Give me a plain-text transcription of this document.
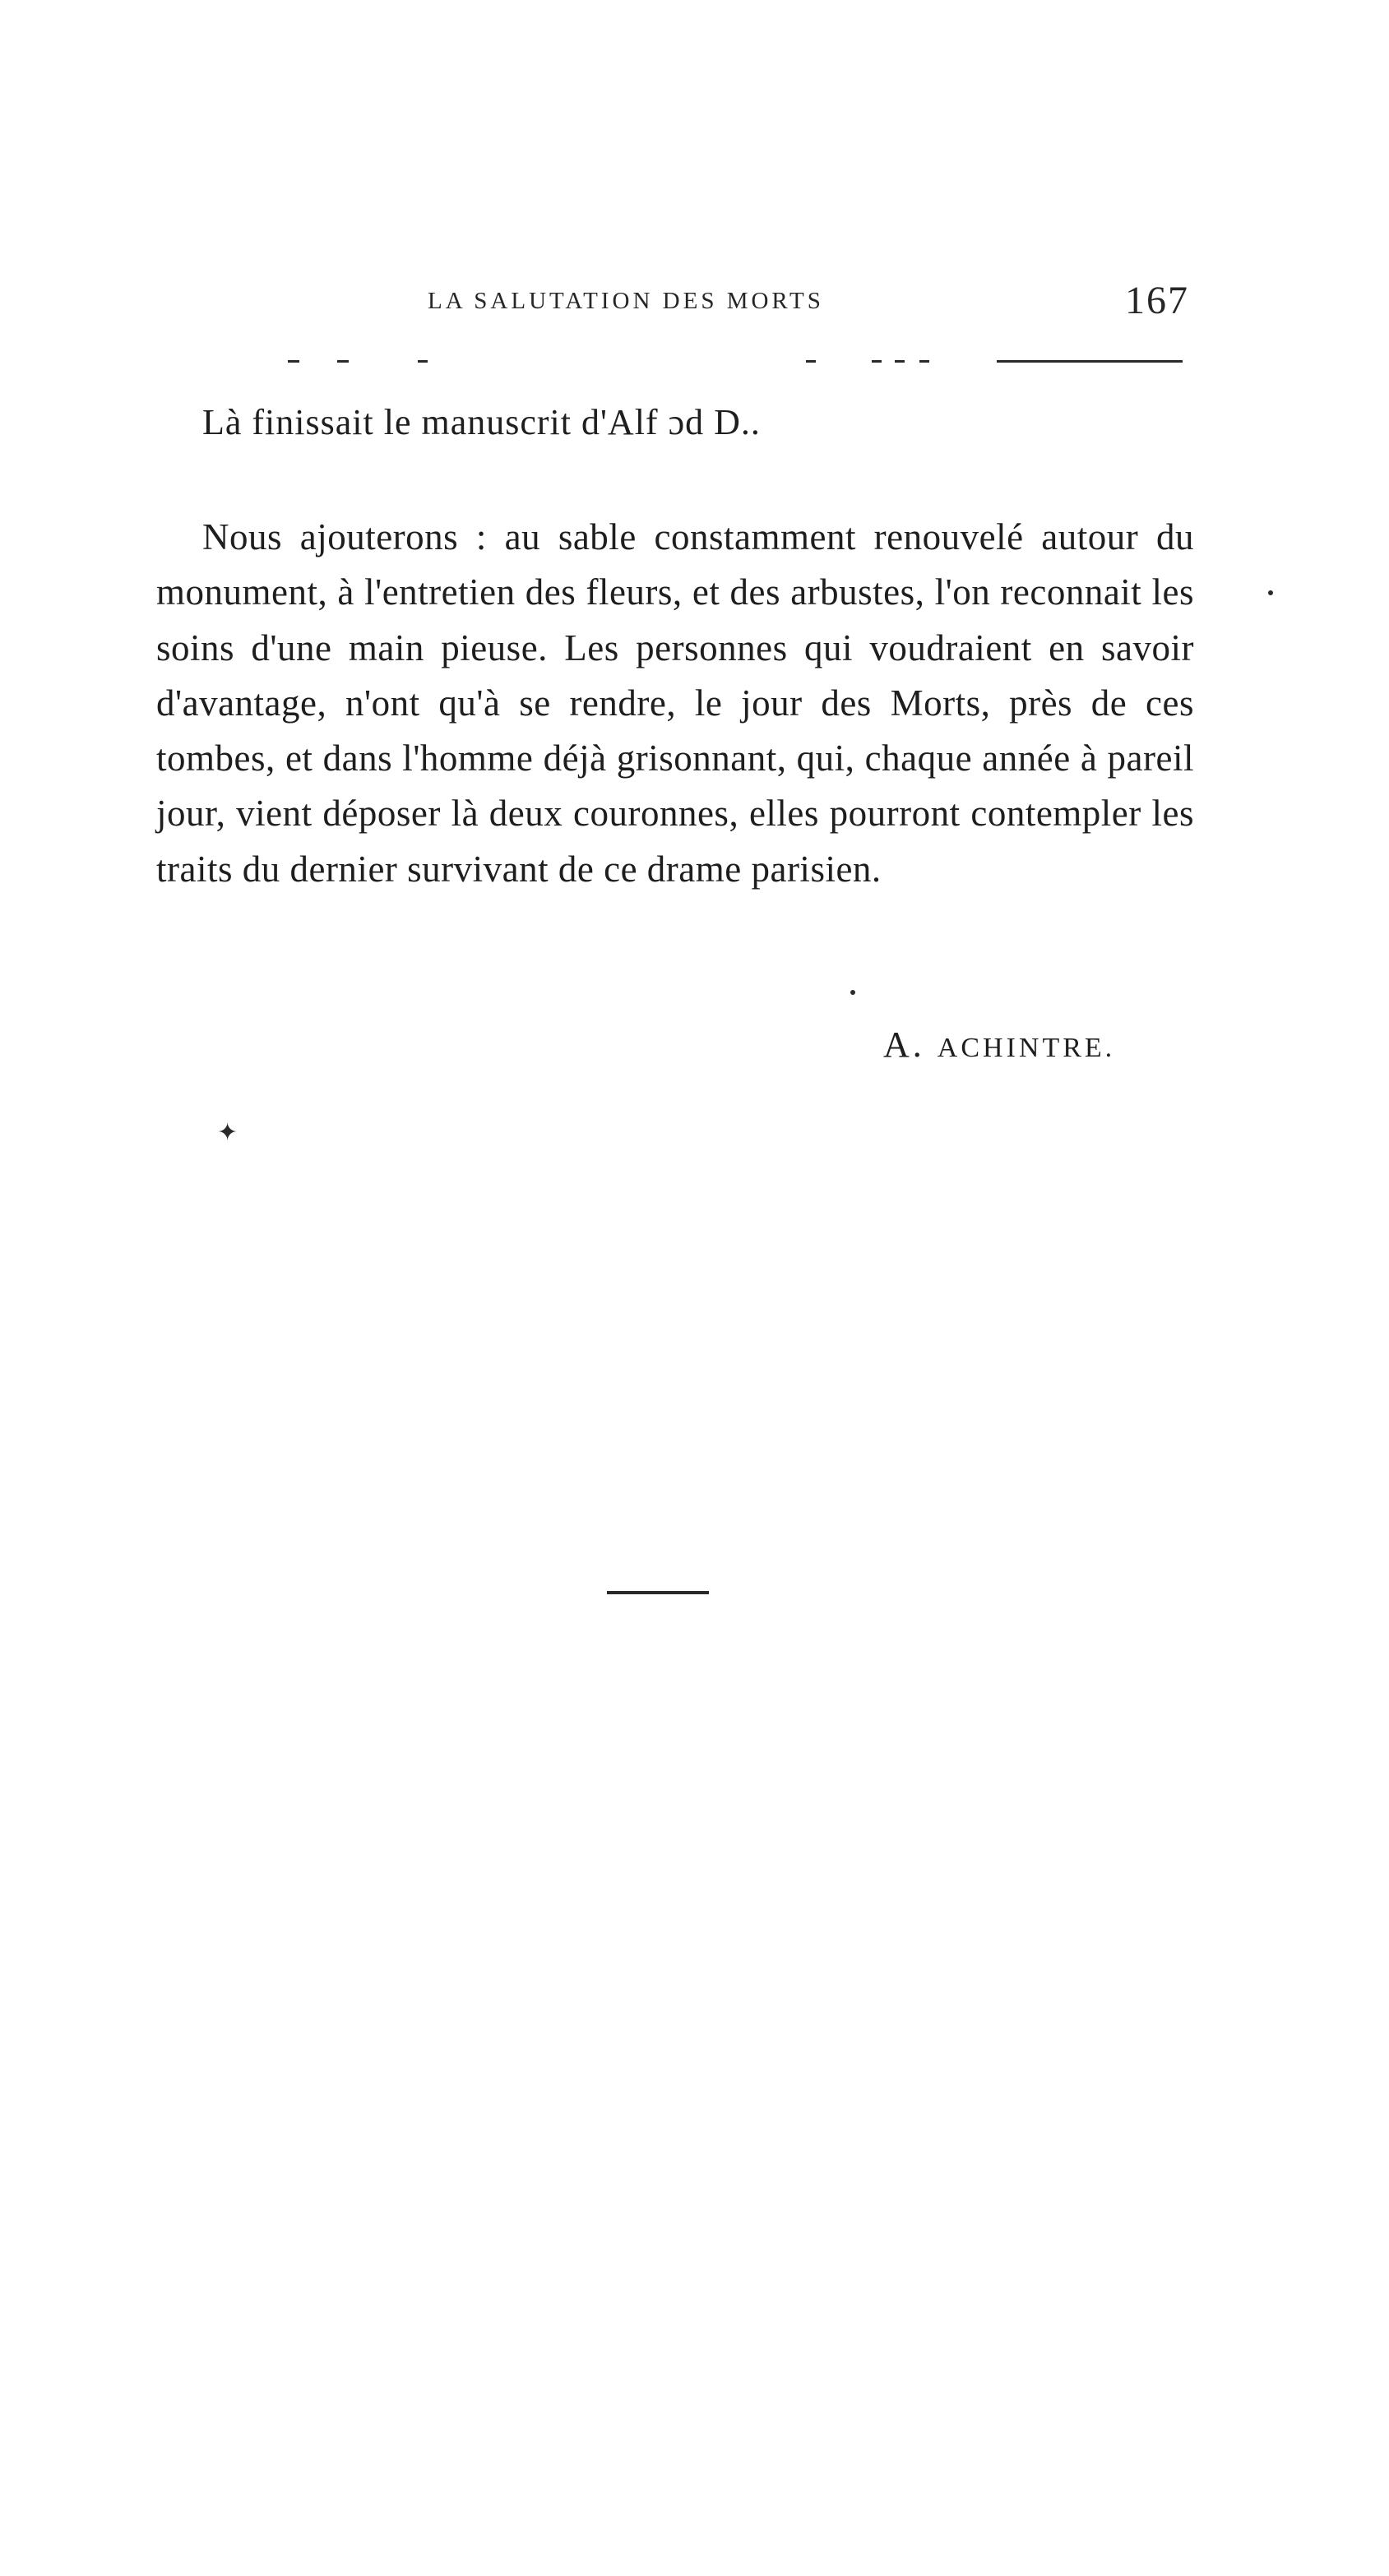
LA SALUTATION DES MORTS	167
Là finissait le manuscrit d'Alf ɔd D..

Nous ajouterons : au sable constamment renouvelé autour du monument, à l'entretien des fleurs, et des arbustes, l'on reconnait les soins d'une main pieuse. Les personnes qui voudraient en savoir d'avantage, n'ont qu'à se rendre, le jour des Morts, près de ces tombes, et dans l'homme déjà grisonnant, qui, chaque année à pareil jour, vient déposer là deux couronnes, elles pourront contempler les traits du dernier survivant de ce drame parisien.

A. ACHINTRE.
✦
